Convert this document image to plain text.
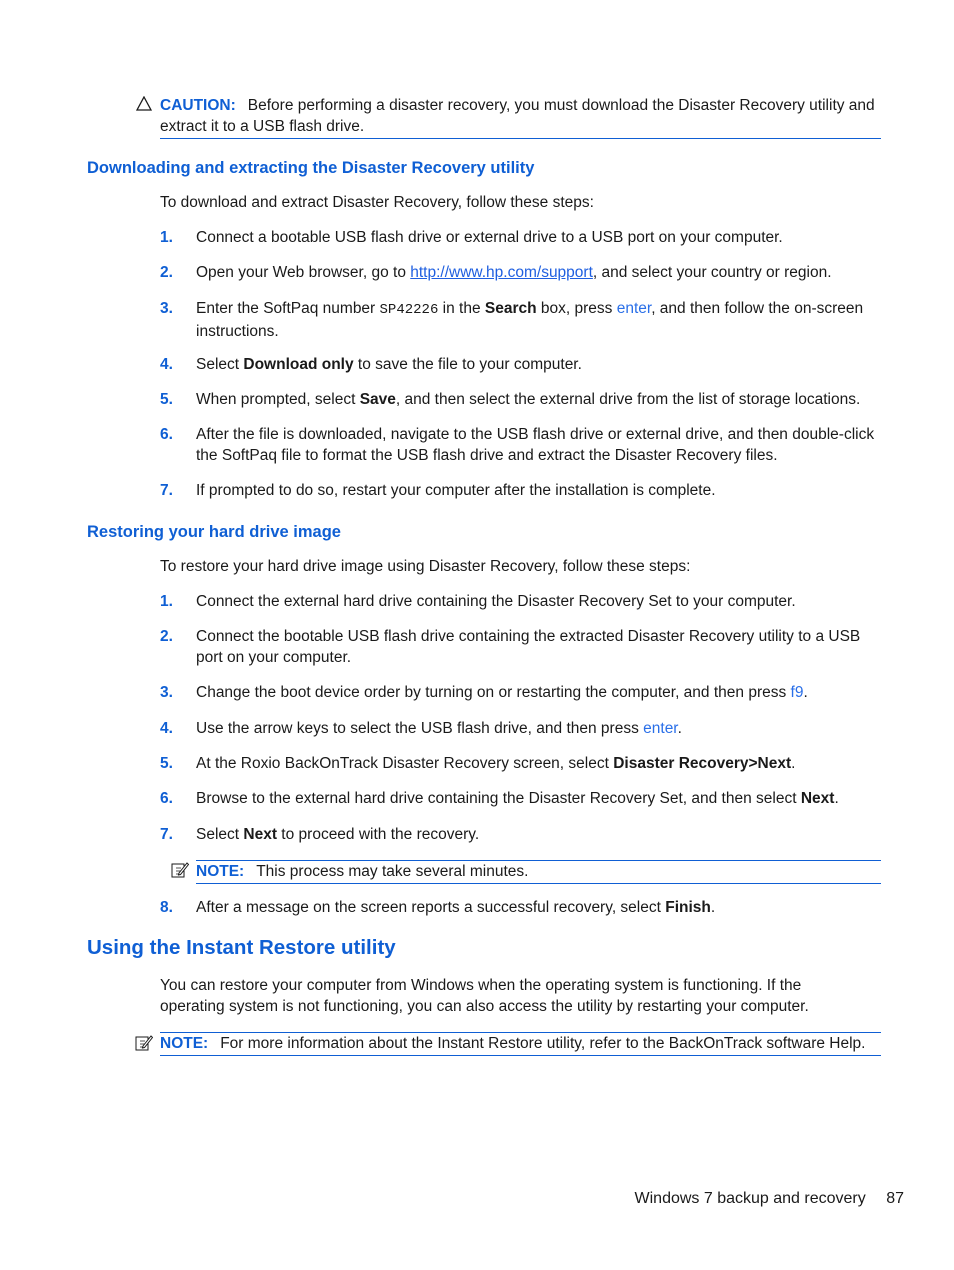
CAUTION: Before performing a disaster recovery, you must download the Disaster Recovery utility and extract it to a USB flash drive.
Downloading and extracting the Disaster Recovery utility
To download and extract Disaster Recovery, follow these steps:
1. Connect a bootable USB flash drive or external drive to a USB port on your computer.
2. Open your Web browser, go to http://www.hp.com/support, and select your country or region.
3. Enter the SoftPaq number SP42226 in the Search box, press enter, and then follow the on-screen instructions.
4. Select Download only to save the file to your computer.
5. When prompted, select Save, and then select the external drive from the list of storage locations.
6. After the file is downloaded, navigate to the USB flash drive or external drive, and then double-click the SoftPaq file to format the USB flash drive and extract the Disaster Recovery files.
7. If prompted to do so, restart your computer after the installation is complete.
Restoring your hard drive image
To restore your hard drive image using Disaster Recovery, follow these steps:
1. Connect the external hard drive containing the Disaster Recovery Set to your computer.
2. Connect the bootable USB flash drive containing the extracted Disaster Recovery utility to a USB port on your computer.
3. Change the boot device order by turning on or restarting the computer, and then press f9.
4. Use the arrow keys to select the USB flash drive, and then press enter.
5. At the Roxio BackOnTrack Disaster Recovery screen, select Disaster Recovery>Next.
6. Browse to the external hard drive containing the Disaster Recovery Set, and then select Next.
7. Select Next to proceed with the recovery.
NOTE: This process may take several minutes.
8. After a message on the screen reports a successful recovery, select Finish.
Using the Instant Restore utility
You can restore your computer from Windows when the operating system is functioning. If the operating system is not functioning, you can also access the utility by restarting your computer.
NOTE: For more information about the Instant Restore utility, refer to the BackOnTrack software Help.
Windows 7 backup and recovery 87
